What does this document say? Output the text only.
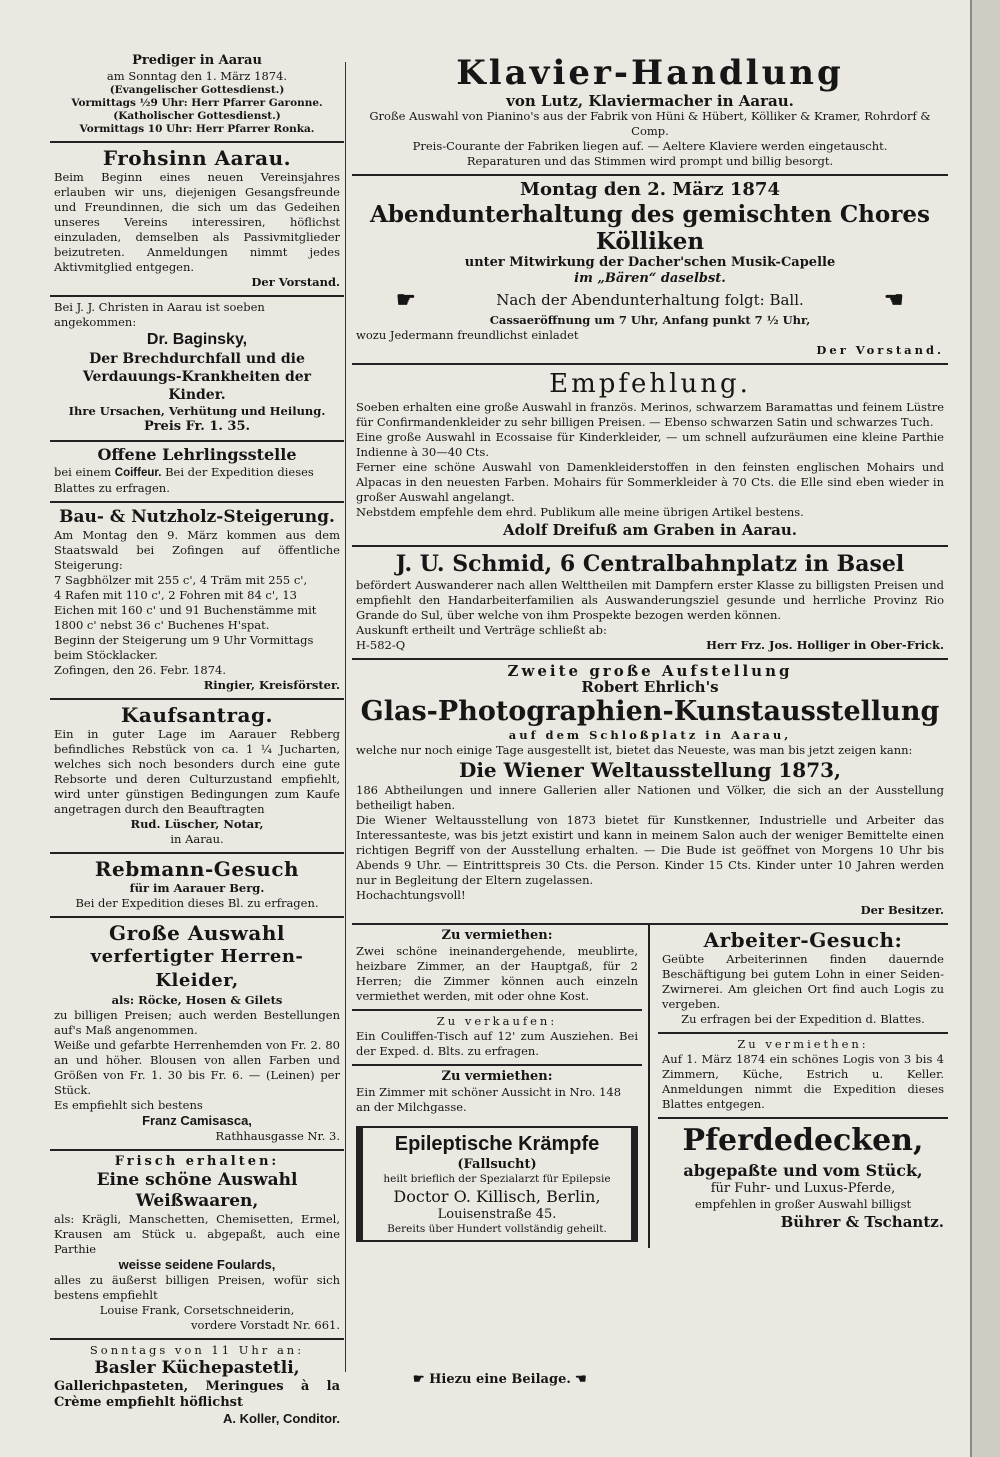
Prediger in Aarau

am Sonntag den 1. März 1874.

(Evangelischer Gottesdienst.)

Vormittags ½9 Uhr: Herr Pfarrer Garonne.

(Katholischer Gottesdienst.)

Vormittags 10 Uhr: Herr Pfarrer Ronka.

Frohsinn Aarau.

Beim Beginn eines neuen Vereinsjahres erlauben wir uns, diejenigen Gesangsfreunde und Freundinnen, die sich um das Gedeihen unseres Vereins interessiren, höflichst einzuladen, demselben als Passivmitglieder beizutreten. Anmeldungen nimmt jedes Aktivmitglied entgegen.

Der Vorstand.

Bei J. J. Christen in Aarau ist soeben angekommen:

Dr. Baginsky,

Der Brechdurchfall und die Verdauungs-Krankheiten der Kinder.

Ihre Ursachen, Verhütung und Heilung.

Preis Fr. 1. 35.

Offene Lehrlingsstelle

bei einem Coiffeur. Bei der Expedition dieses Blattes zu erfragen.

Bau- & Nutzholz-Steigerung.

Am Montag den 9. März kommen aus dem Staatswald bei Zofingen auf öffentliche Steigerung:

7 Sagbhölzer mit 255 c', 4 Träm mit 255 c',

4 Rafen mit 110 c', 2 Fohren mit 84 c', 13

Eichen mit 160 c' und 91 Buchenstämme mit

1800 c' nebst 36 c' Buchenes H'spat.

Beginn der Steigerung um 9 Uhr Vormittags beim Stöcklacker.

Zofingen, den 26. Febr. 1874.

Ringier, Kreisförster.

Kaufsantrag.

Ein in guter Lage im Aarauer Rebberg befindliches Rebstück von ca. 1 ¼ Jucharten, welches sich noch besonders durch eine gute Rebsorte und deren Culturzustand empfiehlt, wird unter günstigen Bedingungen zum Kaufe angetragen durch den Beauftragten

Rud. Lüscher, Notar,

in Aarau.

Rebmann-Gesuch

für im Aarauer Berg.

Bei der Expedition dieses Bl. zu erfragen.

Große Auswahl

verfertigter Herren-Kleider,

als: Röcke, Hosen & Gilets

zu billigen Preisen; auch werden Bestellungen auf's Maß angenommen.

Weiße und gefarbte Herrenhemden von Fr. 2. 80 an und höher. Blousen von allen Farben und Größen von Fr. 1. 30 bis Fr. 6. — (Leinen) per Stück.

Es empfiehlt sich bestens

Franz Camisasca,

Rathhausgasse Nr. 3.

Frisch erhalten:

Eine schöne Auswahl Weißwaaren,

als: Krägli, Manschetten, Chemisetten, Ermel, Krausen am Stück u. abgepaßt, auch eine Parthie

weisse seidene Foulards,

alles zu äußerst billigen Preisen, wofür sich bestens empfiehlt

Louise Frank, Corsetschneiderin,

vordere Vorstadt Nr. 661.

Sonntags von 11 Uhr an:

Basler Küchepastetli,

Gallerichpasteten, Meringues à la Crème empfiehlt höflichst

A. Koller, Conditor.

Klavier-Handlung

von Lutz, Klaviermacher in Aarau.

Große Auswahl von Pianino's aus der Fabrik von Hüni & Hübert, Kölliker & Kramer, Rohrdorf & Comp.

Preis-Courante der Fabriken liegen auf. — Aeltere Klaviere werden eingetauscht.

Reparaturen und das Stimmen wird prompt und billig besorgt.

Montag den 2. März 1874

Abendunterhaltung des gemischten Chores Kölliken

unter Mitwirkung der Dacher'schen Musik-Capelle

im „Bären“ daselbst.

☛	Nach der Abendunterhaltung folgt: Ball.	☛

Cassaeröffnung um 7 Uhr, Anfang punkt 7 ½ Uhr,

wozu Jedermann freundlichst einladet

Der Vorstand.

Empfehlung.

Soeben erhalten eine große Auswahl in französ. Merinos, schwarzem Baramattas und feinem Lüstre für Confirmandenkleider zu sehr billigen Preisen. — Ebenso schwarzen Satin und schwarzes Tuch.

Eine große Auswahl in Ecossaise für Kinderkleider, — um schnell aufzuräumen eine kleine Parthie Indienne à 30—40 Cts.

Ferner eine schöne Auswahl von Damenkleiderstoffen in den feinsten englischen Mohairs und Alpacas in den neuesten Farben. Mohairs für Sommerkleider à 70 Cts. die Elle sind eben wieder in großer Auswahl angelangt.

Nebstdem empfehle dem ehrd. Publikum alle meine übrigen Artikel bestens.

Adolf Dreifuß am Graben in Aarau.

J. U. Schmid, 6 Centralbahnplatz in Basel

befördert Auswanderer nach allen Welttheilen mit Dampfern erster Klasse zu billigsten Preisen und empfiehlt den Handarbeiterfamilien als Auswanderungsziel gesunde und herrliche Provinz Rio Grande do Sul, über welche von ihm Prospekte bezogen werden können.

Auskunft ertheilt und Verträge schließt ab:

H-582-Q	Herr Frz. Jos. Holliger in Ober-Frick.

Zweite große Aufstellung

Robert Ehrlich's

Glas-Photographien-Kunstausstellung

auf dem Schloßplatz in Aarau,

welche nur noch einige Tage ausgestellt ist, bietet das Neueste, was man bis jetzt zeigen kann:

Die Wiener Weltausstellung 1873,

186 Abtheilungen und innere Gallerien aller Nationen und Völker, die sich an der Ausstellung betheiligt haben.

Die Wiener Weltausstellung von 1873 bietet für Kunstkenner, Industrielle und Arbeiter das Interessanteste, was bis jetzt existirt und kann in meinem Salon auch der weniger Bemittelte einen richtigen Begriff von der Ausstellung erhalten. — Die Bude ist geöffnet von Morgens 10 Uhr bis Abends 9 Uhr. — Eintrittspreis 30 Cts. die Person. Kinder 15 Cts. Kinder unter 10 Jahren werden nur in Begleitung der Eltern zugelassen.

Hochachtungsvoll!

Der Besitzer.

Zu vermiethen:

Zwei schöne ineinandergehende, meublirte, heizbare Zimmer, an der Hauptgaß, für 2 Herren; die Zimmer können auch einzeln vermiethet werden, mit oder ohne Kost.

Zu verkaufen:

Ein Couliffen-Tisch auf 12' zum Ausziehen. Bei der Exped. d. Blts. zu erfragen.

Zu vermiethen:

Ein Zimmer mit schöner Aussicht in Nro. 148 an der Milchgasse.

Epileptische Krämpfe

(Fallsucht)

heilt brieflich der Spezialarzt für Epilepsie

Doctor O. Killisch, Berlin,

Louisenstraße 45.

Bereits über Hundert vollständig geheilt.

Arbeiter-Gesuch:

Geübte Arbeiterinnen finden dauernde Beschäftigung bei gutem Lohn in einer Seiden-Zwirnerei. Am gleichen Ort find auch Logis zu vergeben.

Zu erfragen bei der Expedition d. Blattes.

Zu vermiethen:

Auf 1. März 1874 ein schönes Logis von 3 bis 4 Zimmern, Küche, Estrich u. Keller. Anmeldungen nimmt die Expedition dieses Blattes entgegen.

Pferdedecken,

abgepaßte und vom Stück,

für Fuhr- und Luxus-Pferde,

empfehlen in großer Auswahl billigst

Bührer & Tschantz.

☛ Hiezu eine Beilage. ☛
